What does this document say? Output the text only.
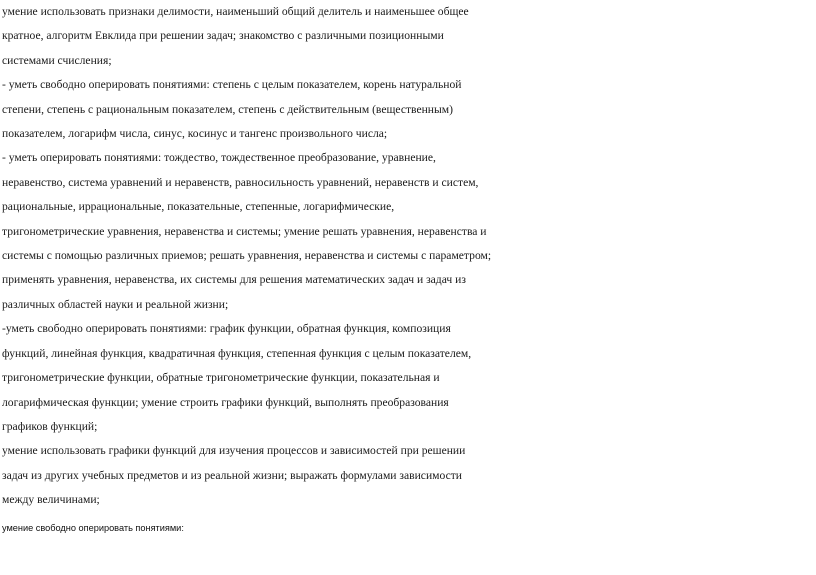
умение использовать признаки делимости, наименьший общий делитель и наименьшее общее

кратное, алгоритм Евклида при решении задач; знакомство с различными позиционными

системами счисления;

- уметь свободно оперировать понятиями: степень с целым показателем, корень натуральной

степени, степень с рациональным показателем, степень с действительным (вещественным)

показателем, логарифм числа, синус, косинус и тангенс произвольного числа;

- уметь оперировать понятиями: тождество, тождественное преобразование, уравнение,

неравенство, система уравнений и неравенств, равносильность уравнений, неравенств и систем,

рациональные, иррациональные, показательные, степенные, логарифмические,

тригонометрические уравнения, неравенства и системы; умение решать уравнения, неравенства и

системы с помощью различных приемов; решать уравнения, неравенства и системы с параметром;

применять уравнения, неравенства, их системы для решения математических задач и задач из

различных областей науки и реальной жизни;

-уметь свободно оперировать понятиями: график функции, обратная функция, композиция

функций, линейная функция, квадратичная функция, степенная функция с целым показателем,

тригонометрические функции, обратные тригонометрические функции, показательная и

логарифмическая функции; умение строить графики функций, выполнять преобразования

графиков функций;

умение использовать графики функций для изучения процессов и зависимостей при решении

задач из других учебных предметов и из реальной жизни; выражать формулами зависимости

между величинами;

умение свободно оперировать понятиями:
